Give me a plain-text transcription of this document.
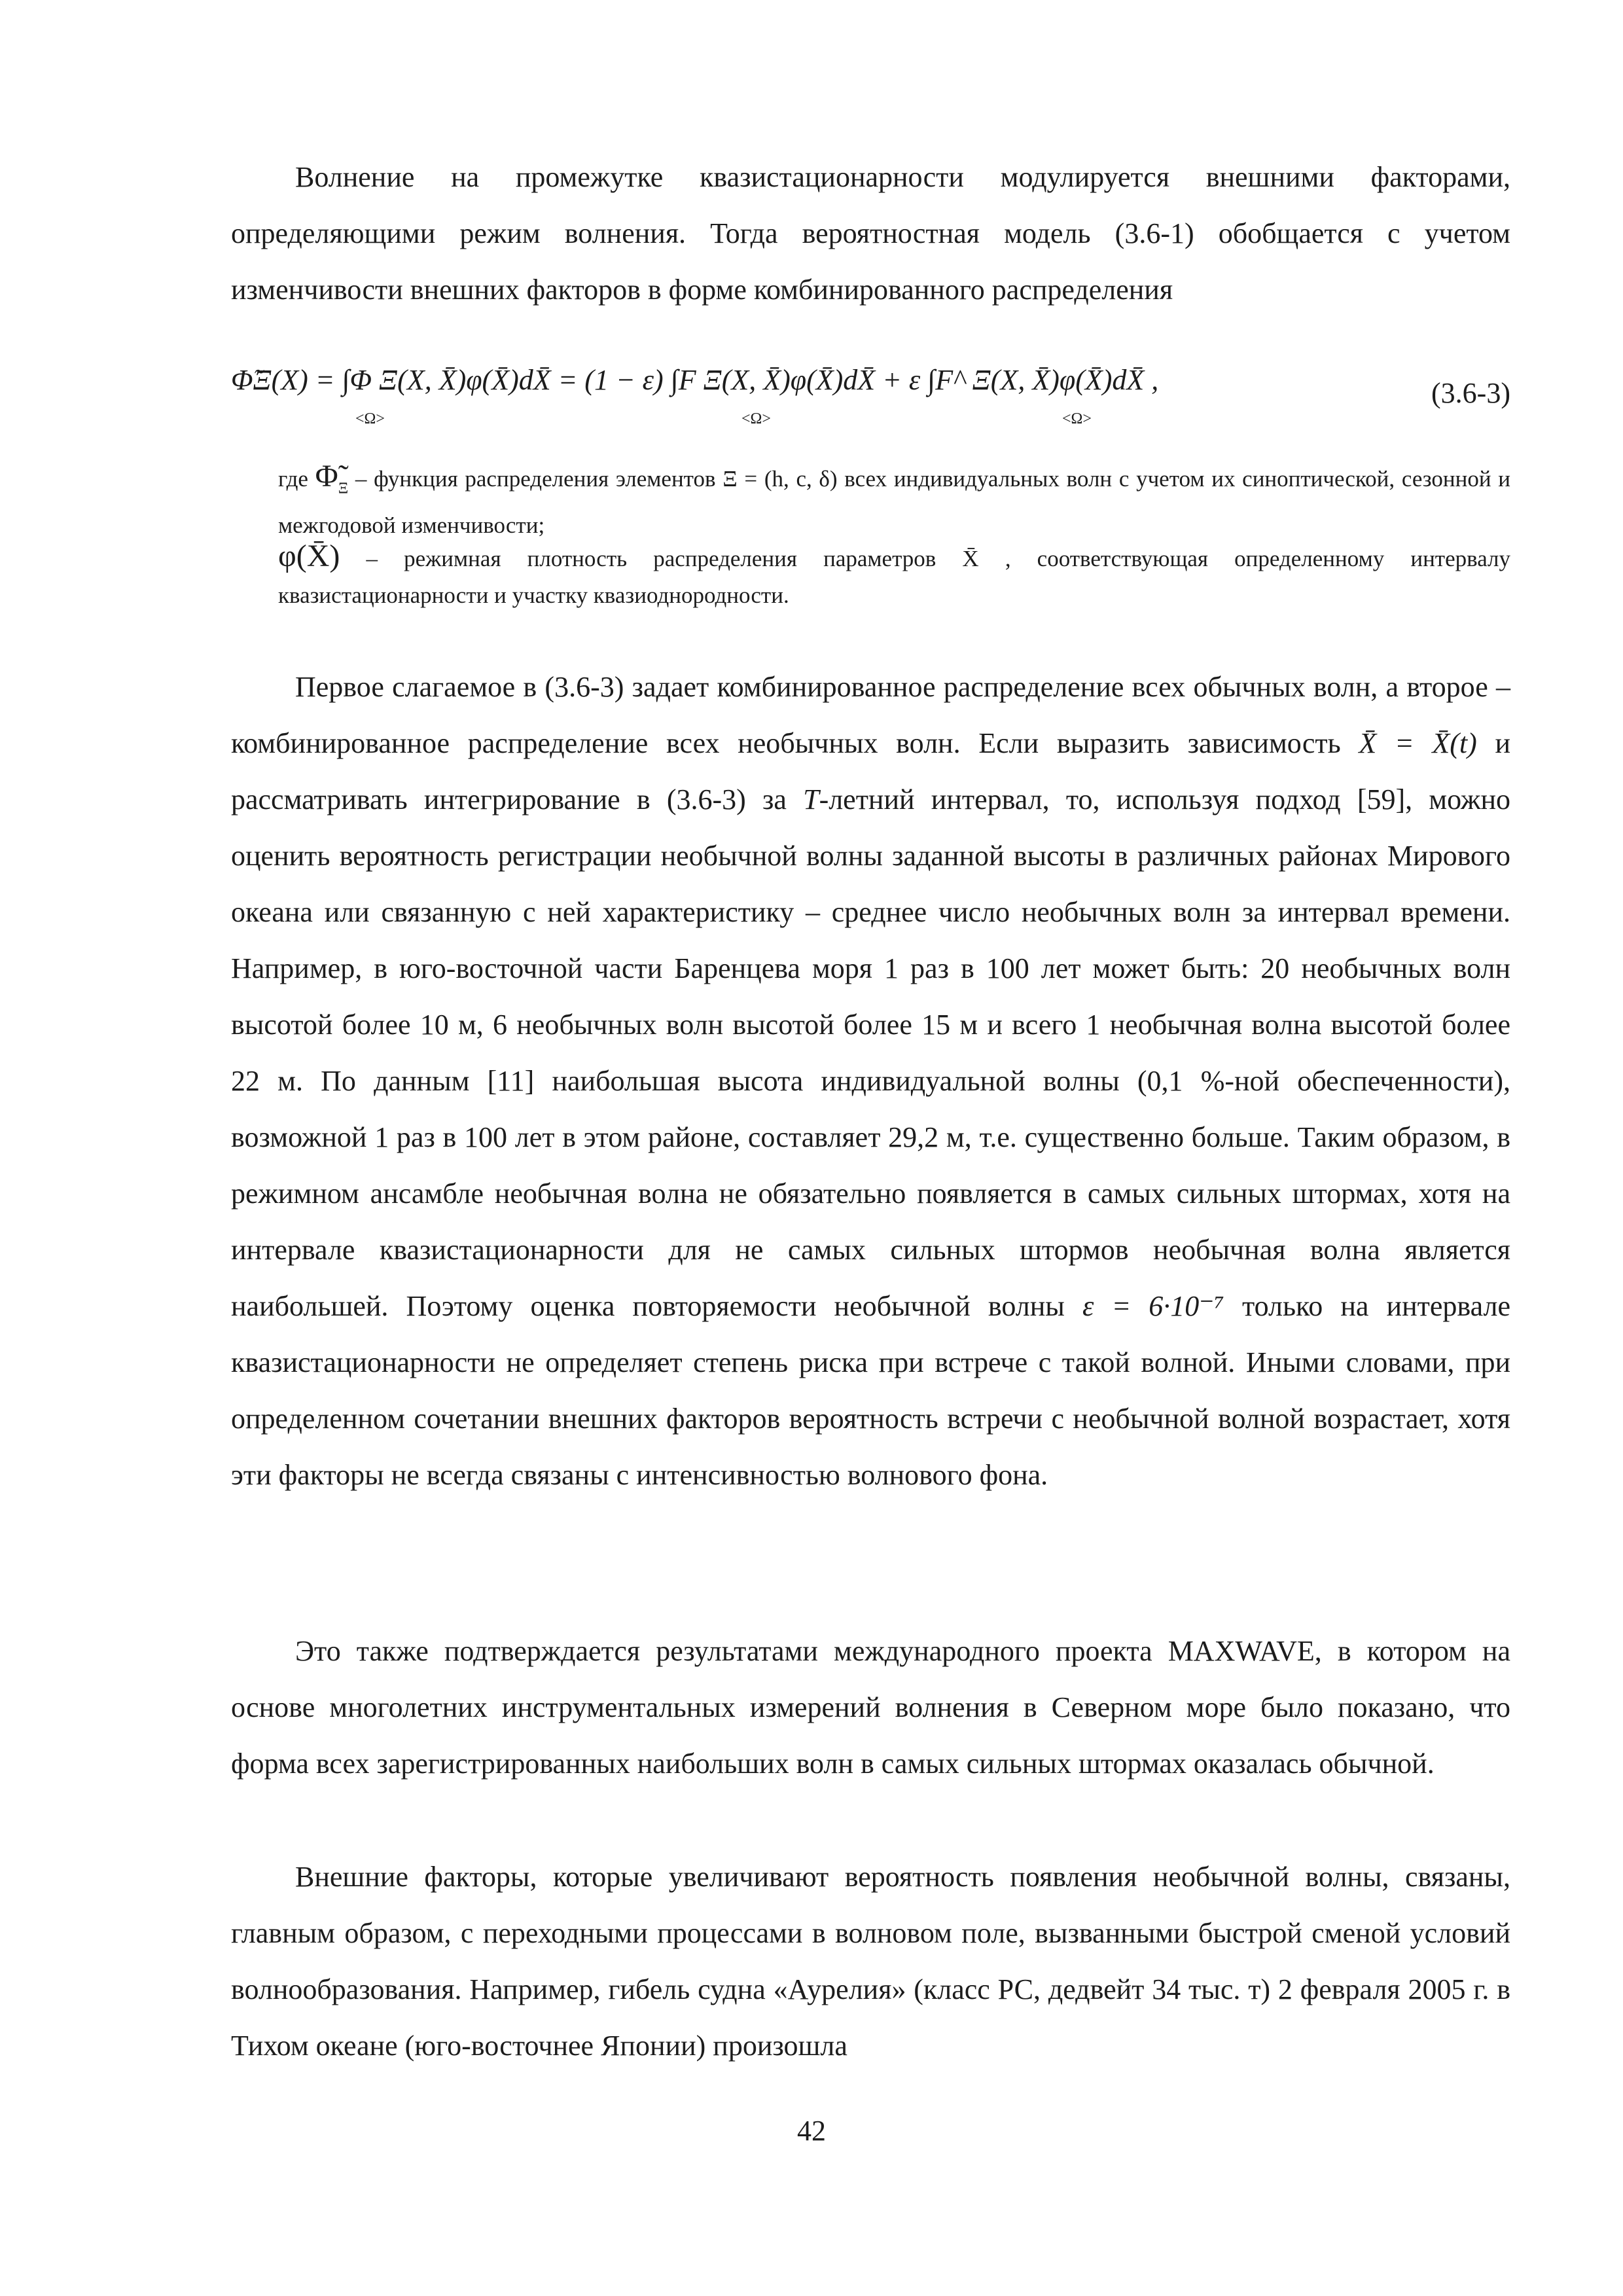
Волнение на промежутке квазистационарности модулируется внешними факторами, определяющими режим волнения. Тогда вероятностная модель (3.6-1) обобщается с учетом изменчивости внешних факторов в форме комбинированного распределения

Φ̃Ξ(X) = ∫Φ Ξ(X, X̄)φ(X̄)dX̄ = (1 − ε) ∫F Ξ(X, X̄)φ(X̄)dX̄ + ε ∫F^ Ξ(X, X̄)φ(X̄)dX̄ ,
<Ω>	<Ω>	<Ω>
(3.6-3)

где $\Phĩ_\Xi$ – функция распределения элементов Ξ = (h, c, δ) всех индивидуальных волн с учетом их синоптической, сезонной и межгодовой изменчивости;

φ(X̄) – режимная плотность распределения параметров X̄ , соответствующая определенному интервалу квазистационарности и участку квазиоднородности.

Первое слагаемое в (3.6-3) задает комбинированное распределение всех обычных волн, а второе – комбинированное распределение всех необычных волн. Если выразить зависимость X̄ = X̄(t) и рассматривать интегрирование в (3.6-3) за T-летний интервал, то, используя подход [59], можно оценить вероятность регистрации необычной волны заданной высоты в различных районах Мирового океана или связанную с ней характеристику – среднее число необычных волн за интервал времени. Например, в юго-восточной части Баренцева моря 1 раз в 100 лет может быть: 20 необычных волн высотой более 10 м, 6 необычных волн высотой более 15 м и всего 1 необычная волна высотой более 22 м. По данным [11] наибольшая высота индивидуальной волны (0,1 %-ной обеспеченности), возможной 1 раз в 100 лет в этом районе, составляет 29,2 м, т.е. существенно больше. Таким образом, в режимном ансамбле необычная волна не обязательно появляется в самых сильных штормах, хотя на интервале квазистационарности для не самых сильных штормов необычная волна является наибольшей. Поэтому оценка повторяемости необычной волны ε = 6·10⁻⁷ только на интервале квазистационарности не определяет степень риска при встрече с такой волной. Иными словами, при определенном сочетании внешних факторов вероятность встречи с необычной волной возрастает, хотя эти факторы не всегда связаны с интенсивностью волнового фона.

Это также подтверждается результатами международного проекта MAXWAVE, в котором на основе многолетних инструментальных измерений волнения в Северном море было показано, что форма всех зарегистрированных наибольших волн в самых сильных штормах оказалась обычной.

Внешние факторы, которые увеличивают вероятность появления необычной волны, связаны, главным образом, с переходными процессами в волновом поле, вызванными быстрой сменой условий волнообразования. Например, гибель судна «Аурелия» (класс РС, дедвейт 34 тыс. т) 2 февраля 2005 г. в Тихом океане (юго-восточнее Японии) произошла

42
